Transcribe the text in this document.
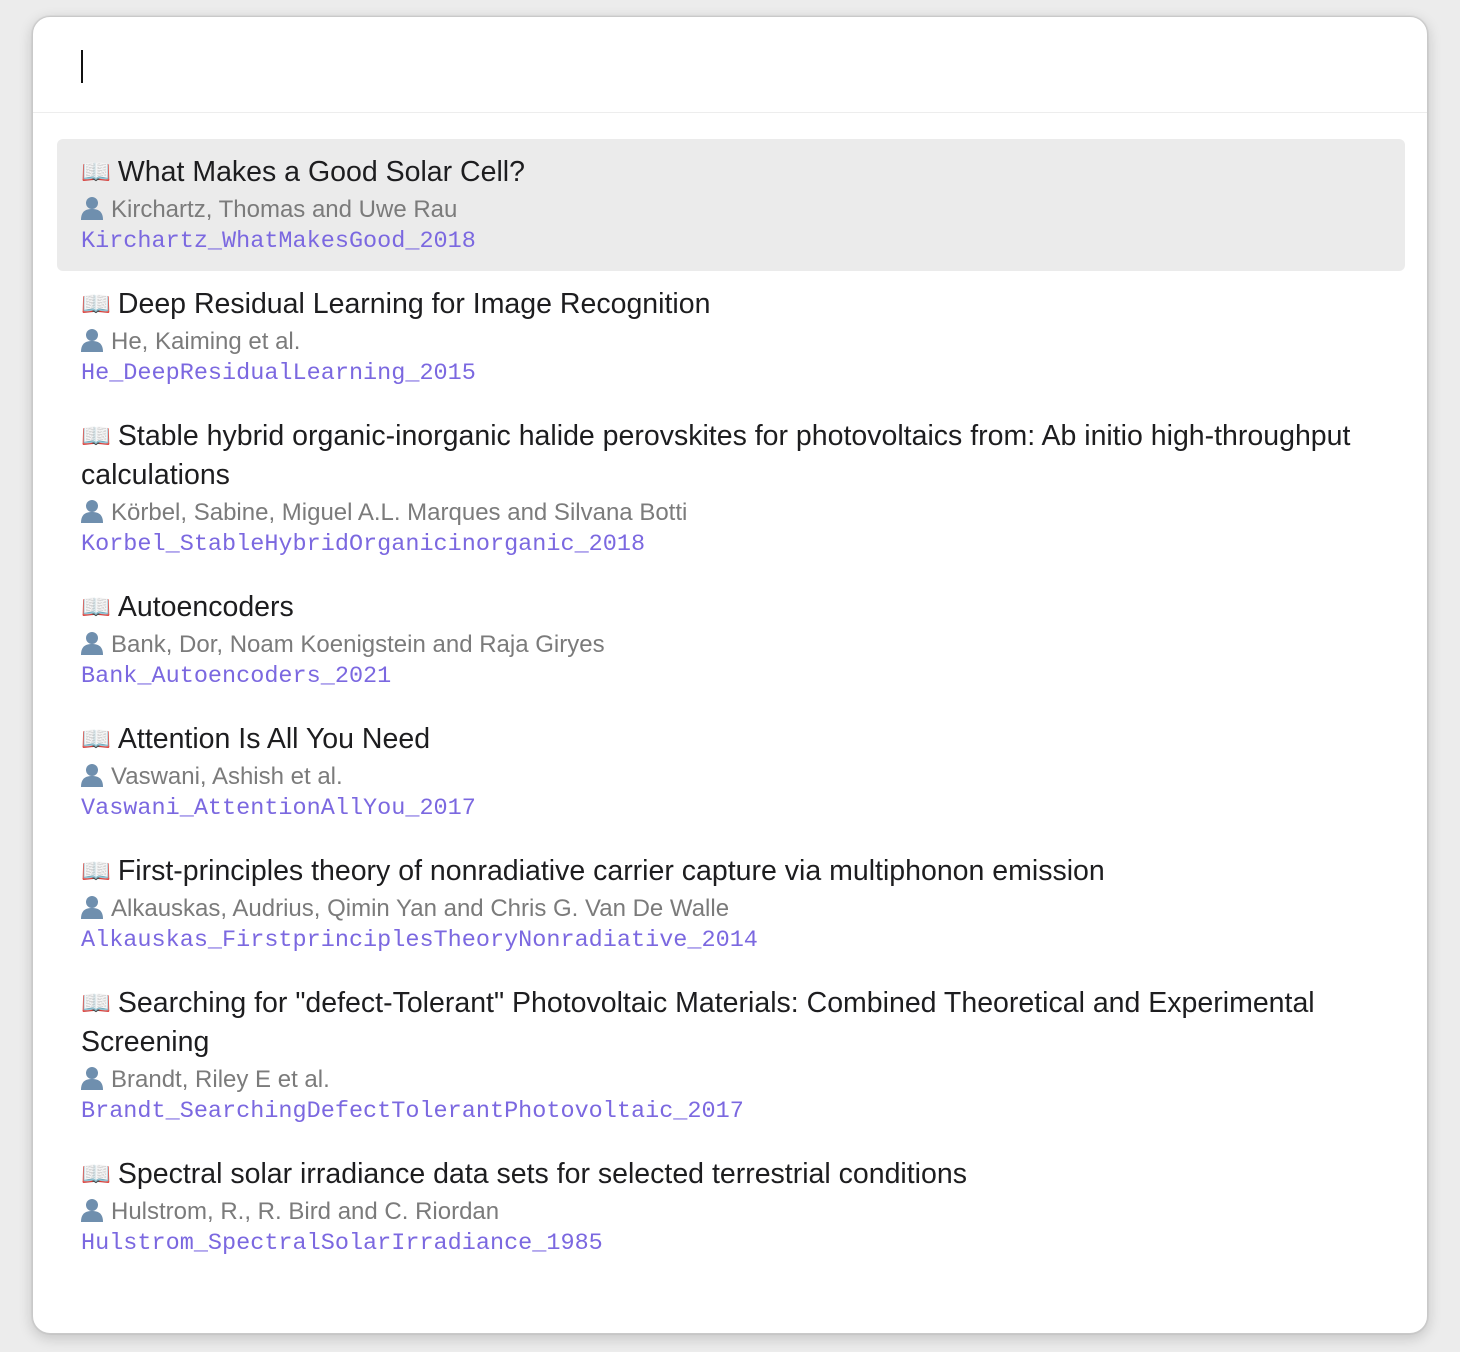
📖 What Makes a Good Solar Cell?
Kirchartz, Thomas and Uwe Rau
Kirchartz_WhatMakesGood_2018
📖 Deep Residual Learning for Image Recognition
He, Kaiming et al.
He_DeepResidualLearning_2015
📖 Stable hybrid organic-inorganic halide perovskites for photovoltaics from: Ab initio high-throughput calculations
Körbel, Sabine, Miguel A.L. Marques and Silvana Botti
Korbel_StableHybridOrganicinorganic_2018
📖 Autoencoders
Bank, Dor, Noam Koenigstein and Raja Giryes
Bank_Autoencoders_2021
📖 Attention Is All You Need
Vaswani, Ashish et al.
Vaswani_AttentionAllYou_2017
📖 First-principles theory of nonradiative carrier capture via multiphonon emission
Alkauskas, Audrius, Qimin Yan and Chris G. Van De Walle
Alkauskas_FirstprinciplesTheoryNonradiative_2014
📖 Searching for "defect-Tolerant" Photovoltaic Materials: Combined Theoretical and Experimental Screening
Brandt, Riley E et al.
Brandt_SearchingDefectTolerantPhotovoltaic_2017
📖 Spectral solar irradiance data sets for selected terrestrial conditions
Hulstrom, R., R. Bird and C. Riordan
Hulstrom_SpectralSolarIrradiance_1985
